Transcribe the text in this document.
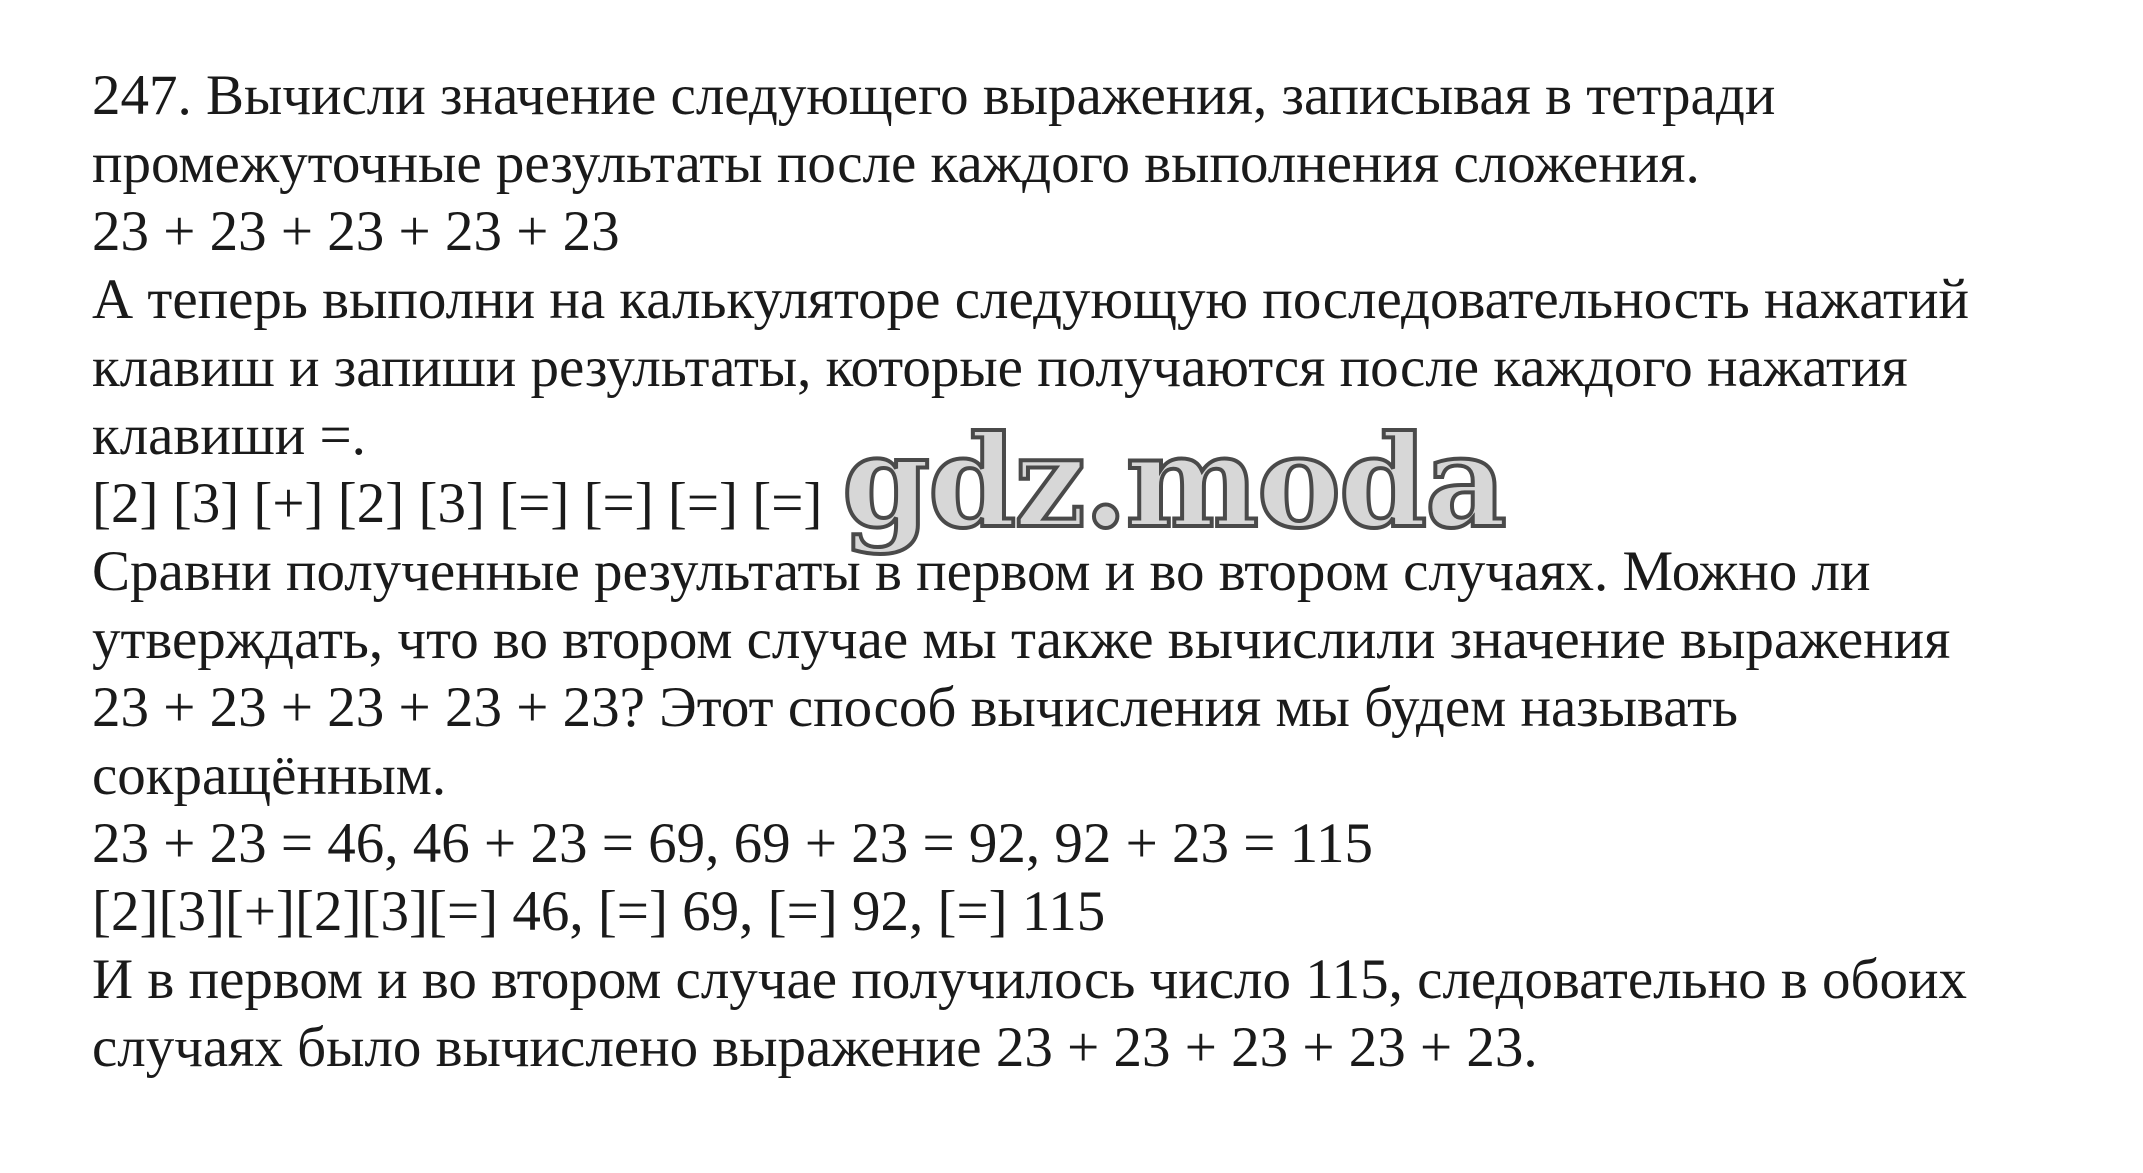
247. Вычисли значение следующего выражения, записывая в тетради
промежуточные результаты после каждого выполнения сложения.
23 + 23 + 23 + 23 + 23
А теперь выполни на калькуляторе следующую последовательность нажатий
клавиш и запиши результаты, которые получаются после каждого нажатия
клавиши =.
[2] [3] [+] [2] [3] [=] [=] [=] [=]
Сравни полученные результаты в первом и во втором случаях. Можно ли
утверждать, что во втором случае мы также вычислили значение выражения
23 + 23 + 23 + 23 + 23? Этот способ вычисления мы будем называть
сокращённым.
23 + 23 = 46, 46 + 23 = 69, 69 + 23 = 92, 92 + 23 = 115
[2][3][+][2][3][=] 46, [=] 69, [=] 92, [=] 115
И в первом и во втором случае получилось число 115, следовательно в обоих
случаях было вычислено выражение 23 + 23 + 23 + 23 + 23.
gdz.moda
